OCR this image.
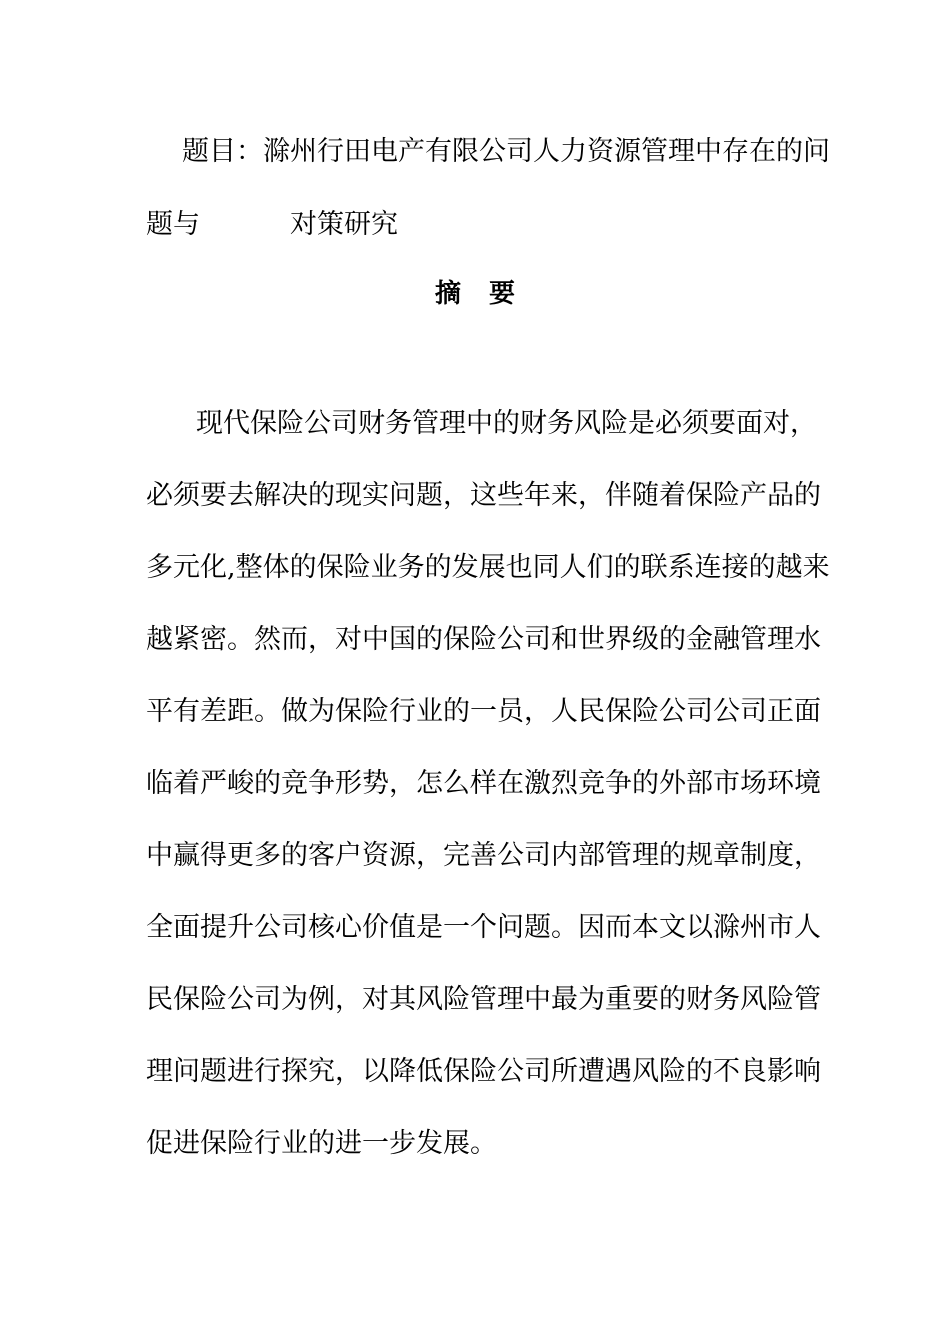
题目：滁州行田电产有限公司人力资源管理中存在的问
题与	对策研究
摘要
现代保险公司财务管理中的财务风险是必须要面对，
必须要去解决的现实问题，这些年来，伴随着保险产品的
多元化,整体的保险业务的发展也同人们的联系连接的越来
越紧密。然而，对中国的保险公司和世界级的金融管理水
平有差距。做为保险行业的一员，人民保险公司公司正面
临着严峻的竞争形势，怎么样在激烈竞争的外部市场环境
中赢得更多的客户资源，完善公司内部管理的规章制度，
全面提升公司核心价值是一个问题。因而本文以滁州市人
民保险公司为例，对其风险管理中最为重要的财务风险管
理问题进行探究，以降低保险公司所遭遇风险的不良影响
促进保险行业的进一步发展。
